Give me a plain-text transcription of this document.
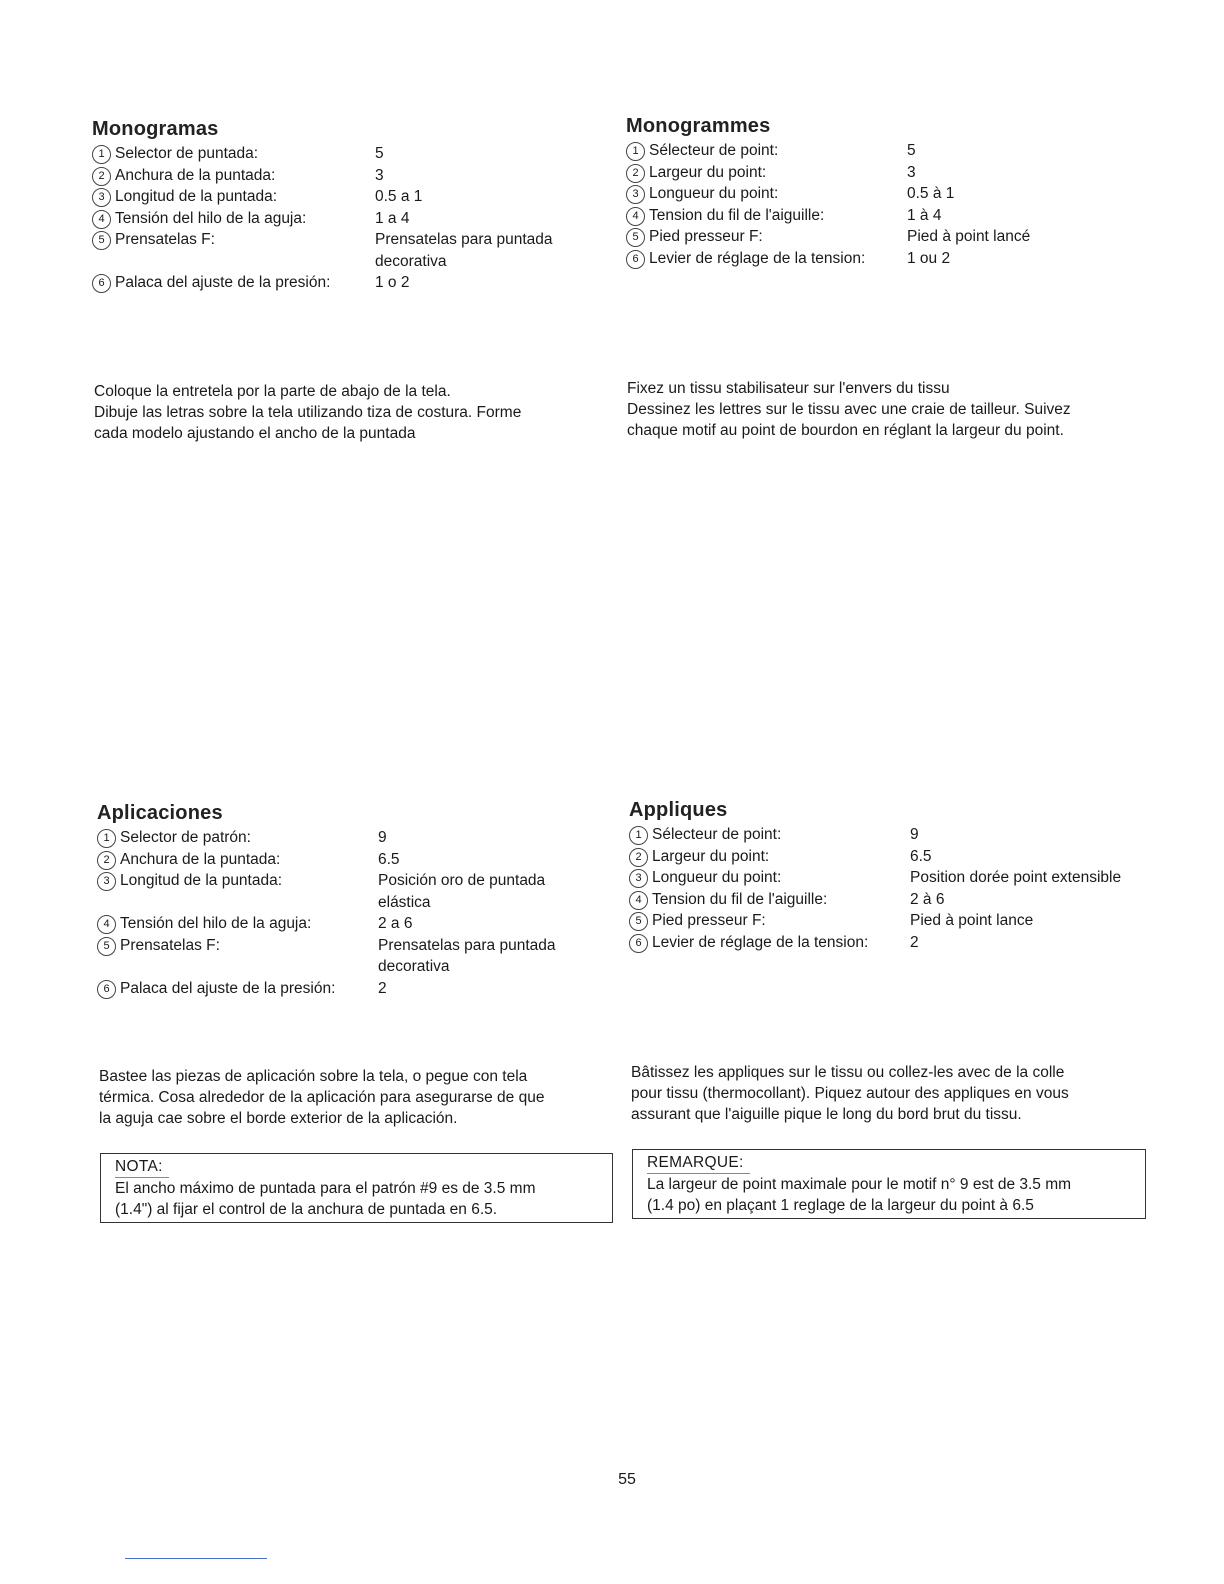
Monogramas
1 Selector de puntada:	5
2 Anchura de la puntada:	3
3 Longitud de la puntada:	0.5 a 1
4 Tensión del hilo de la aguja:	1 a 4
5 Prensatelas F:	Prensatelas para puntada
decorativa

6 Palaca del ajuste de la presión:	1 o 2
Monogrammes
1 Sélecteur de point:	5
2 Largeur du point:	3
3 Longueur du point:	0.5 à 1
4 Tension du fil de l'aiguille:	1 à 4
5 Pied presseur F:	Pied à point lancé
6 Levier de réglage de la tension:	1 ou 2
Coloque la entretela por la parte de abajo de la tela.
Dibuje las letras sobre la tela utilizando tiza de costura. Forme
cada modelo ajustando el ancho de la puntada
Fixez un tissu stabilisateur sur l'envers du tissu
Dessinez les lettres sur le tissu avec une craie de tailleur. Suivez
chaque motif au point de bourdon en réglant la largeur du point.
Aplicaciones
1 Selector de patrón:	9
2 Anchura de la puntada:	6.5
3 Longitud de la puntada:	Posición oro de puntada
elástica

4 Tensión del hilo de la aguja:	2 a 6
5 Prensatelas F:	Prensatelas para puntada
decorativa

6 Palaca del ajuste de la presión:	2
Appliques
1 Sélecteur de point:	9
2 Largeur du point:	6.5
3 Longueur du point:	Position dorée point extensible
4 Tension du fil de l'aiguille:	2 à 6
5 Pied presseur F:	Pied à point lance
6 Levier de réglage de la tension:	2
Bastee las piezas de aplicación sobre la tela, o pegue con tela
térmica. Cosa alrededor de la aplicación para asegurarse de que
la aguja cae sobre el borde exterior de la aplicación.
Bâtissez les appliques sur le tissu ou collez-les avec de la colle
pour tissu (thermocollant). Piquez autour des appliques en vous
assurant que l'aiguille pique le long du bord brut du tissu.
NOTA:
El ancho máximo de puntada para el patrón #9 es de 3.5 mm
(1.4") al fijar el control de la anchura de puntada en 6.5.
REMARQUE:
La largeur de point maximale pour le motif n° 9 est de 3.5 mm
(1.4 po) en plaçant 1 reglage de la largeur du point à 6.5
55
